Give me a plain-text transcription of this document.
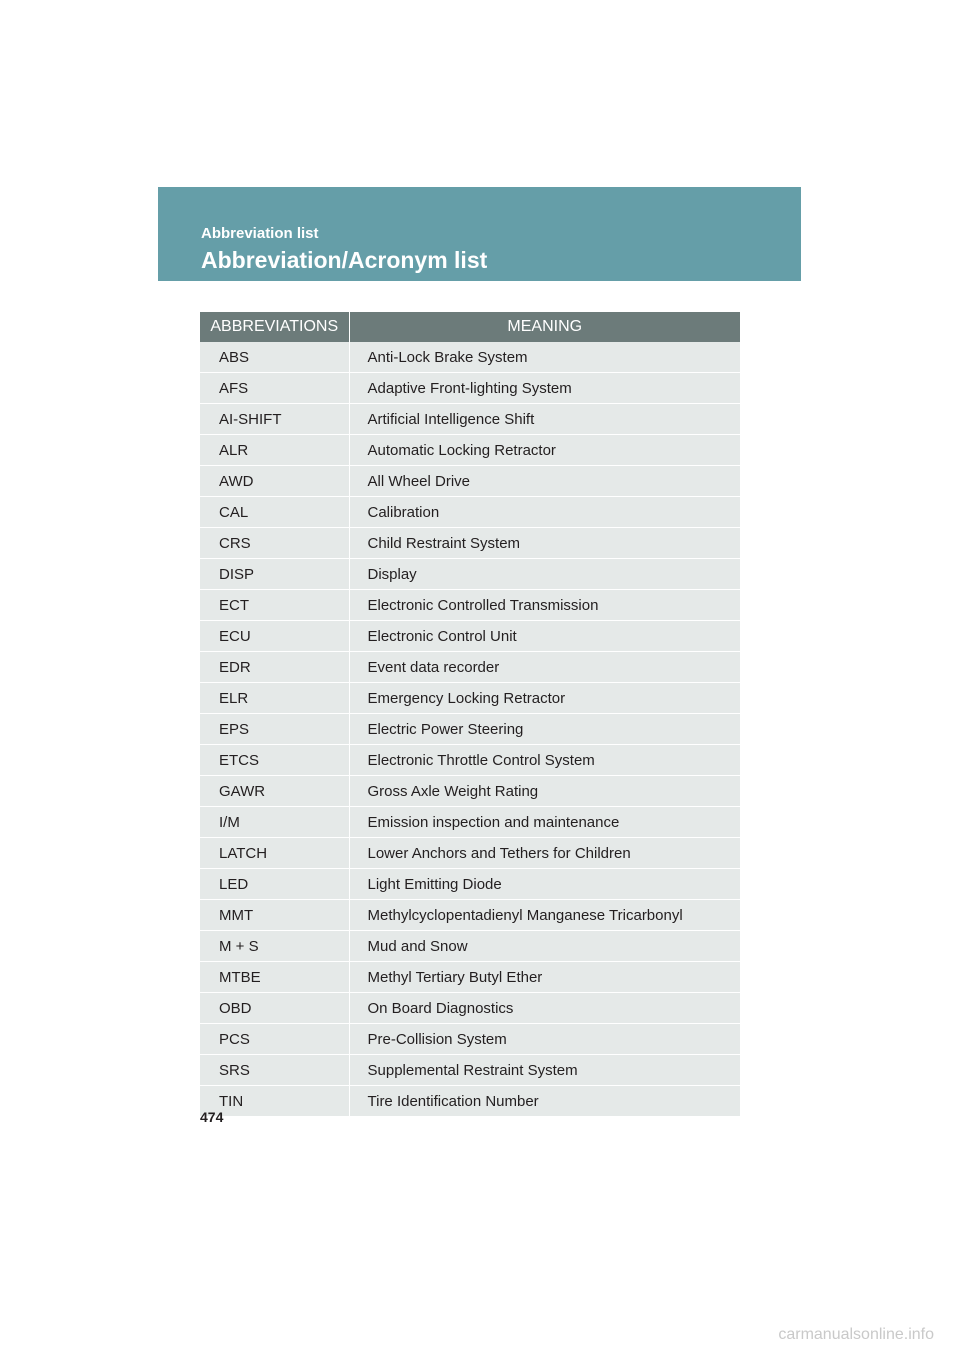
Abbreviation list
Abbreviation/Acronym list
ABBREVIATIONS	MEANING
ABS	Anti-Lock Brake System
AFS	Adaptive Front-lighting System
AI-SHIFT	Artificial Intelligence Shift
ALR	Automatic Locking Retractor
AWD	All Wheel Drive
CAL	Calibration
CRS	Child Restraint System
DISP	Display
ECT	Electronic Controlled Transmission
ECU	Electronic Control Unit
EDR	Event data recorder
ELR	Emergency Locking Retractor
EPS	Electric Power Steering
ETCS	Electronic Throttle Control System
GAWR	Gross Axle Weight Rating
I/M	Emission inspection and maintenance
LATCH	Lower Anchors and Tethers for Children
LED	Light Emitting Diode
MMT	Methylcyclopentadienyl Manganese Tricarbonyl
M + S	Mud and Snow
MTBE	Methyl Tertiary Butyl Ether
OBD	On Board Diagnostics
PCS	Pre-Collision System
SRS	Supplemental Restraint System
TIN	Tire Identification Number
474
carmanualsonline.info
